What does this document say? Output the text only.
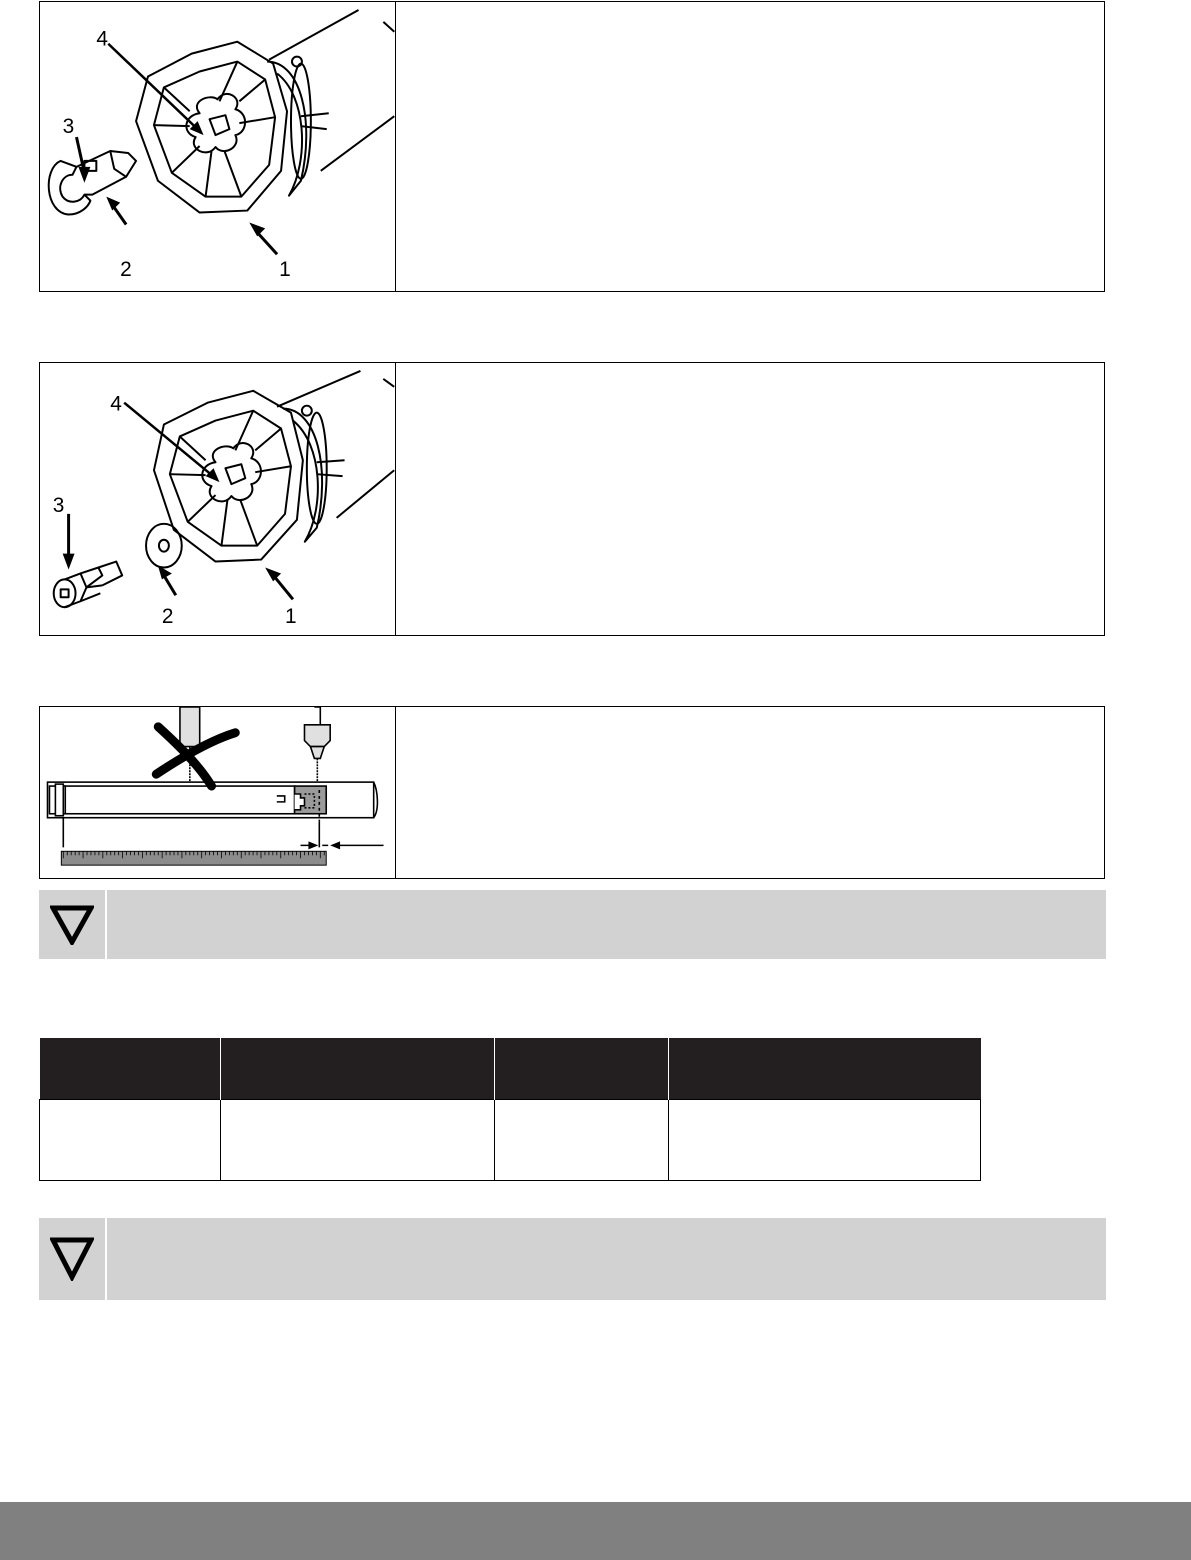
4
3
2	1
4
3
2	1
